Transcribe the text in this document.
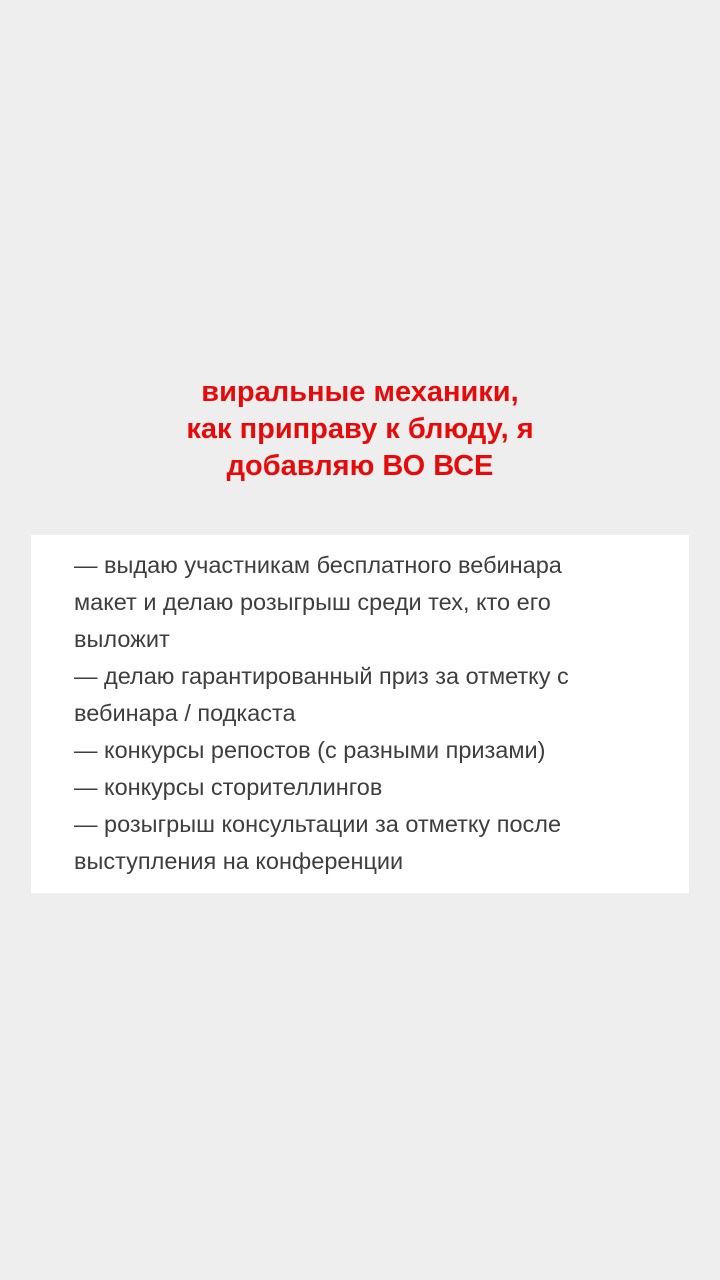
виральные механики,
как приправу к блюду, я
добавляю ВО ВСЕ
— выдаю участникам бесплатного вебинара
макет и делаю розыгрыш среди тех, кто его
выложит
— делаю гарантированный приз за отметку с
вебинара / подкаста
— конкурсы репостов (с разными призами)
— конкурсы сторителлингов
— розыгрыш консультации за отметку после
выступления на конференции
